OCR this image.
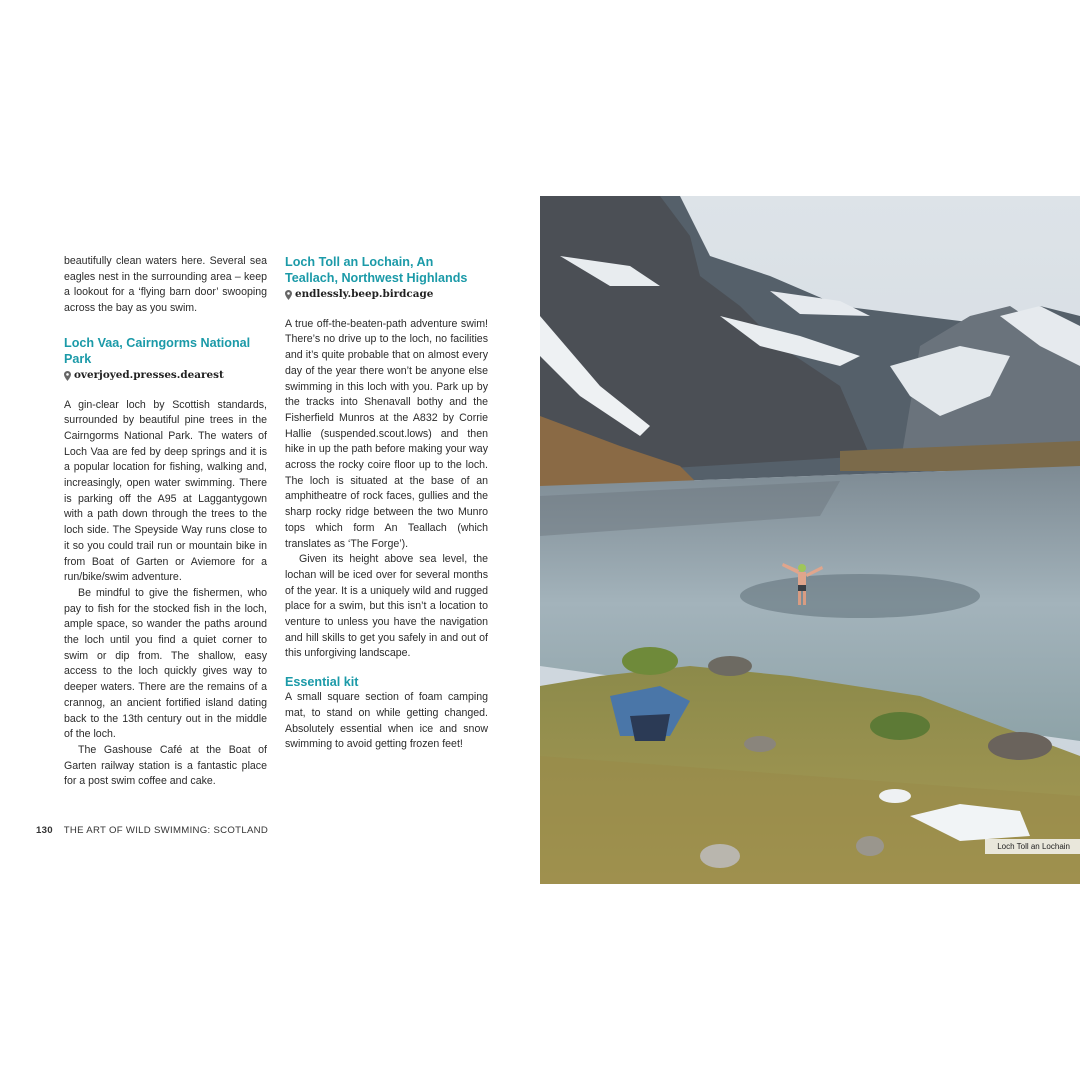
beautifully clean waters here. Several sea eagles nest in the surrounding area – keep a lookout for a ‘flying barn door’ swooping across the bay as you swim.

Loch Vaa, Cairngorms National Park
overjoyed.presses.dearest

A gin-clear loch by Scottish standards, surrounded by beautiful pine trees in the Cairngorms National Park. The waters of Loch Vaa are fed by deep springs and it is a popular location for fishing, walking and, increasingly, open water swimming. There is parking off the A95 at Laggantygown with a path down through the trees to the loch side. The Speyside Way runs close to it so you could trail run or mountain bike in from Boat of Garten or Aviemore for a run/bike/swim adventure.

Be mindful to give the fishermen, who pay to fish for the stocked fish in the loch, ample space, so wander the paths around the loch until you find a quiet corner to swim or dip from. The shallow, easy access to the loch quickly gives way to deeper waters. There are the remains of a crannog, an ancient fortified island dating back to the 13th century out in the middle of the loch.

The Gashouse Café at the Boat of Garten railway station is a fantastic place for a post swim coffee and cake.

Loch Toll an Lochain, An Teallach, Northwest Highlands
endlessly.beep.birdcage

A true off-the-beaten-path adventure swim! There’s no drive up to the loch, no facilities and it’s quite probable that on almost every day of the year there won’t be anyone else swimming in this loch with you. Park up by the tracks into Shenavall bothy and the Fisherfield Munros at the A832 by Corrie Hallie (suspended.scout.lows) and then hike in up the path before making your way across the rocky coire floor up to the loch. The loch is situated at the base of an amphitheatre of rock faces, gullies and the sharp rocky ridge between the two Munro tops which form An Teallach (which translates as ‘The Forge’).

Given its height above sea level, the lochan will be iced over for several months of the year. It is a uniquely wild and rugged place for a swim, but this isn’t a location to venture to unless you have the navigation and hill skills to get you safely in and out of this unforgiving landscape.

Essential kit

A small square section of foam camping mat, to stand on while getting changed. Absolutely essential when ice and snow swimming to avoid getting frozen feet!

130 THE ART OF WILD SWIMMING: SCOTLAND
Loch Toll an Lochain
